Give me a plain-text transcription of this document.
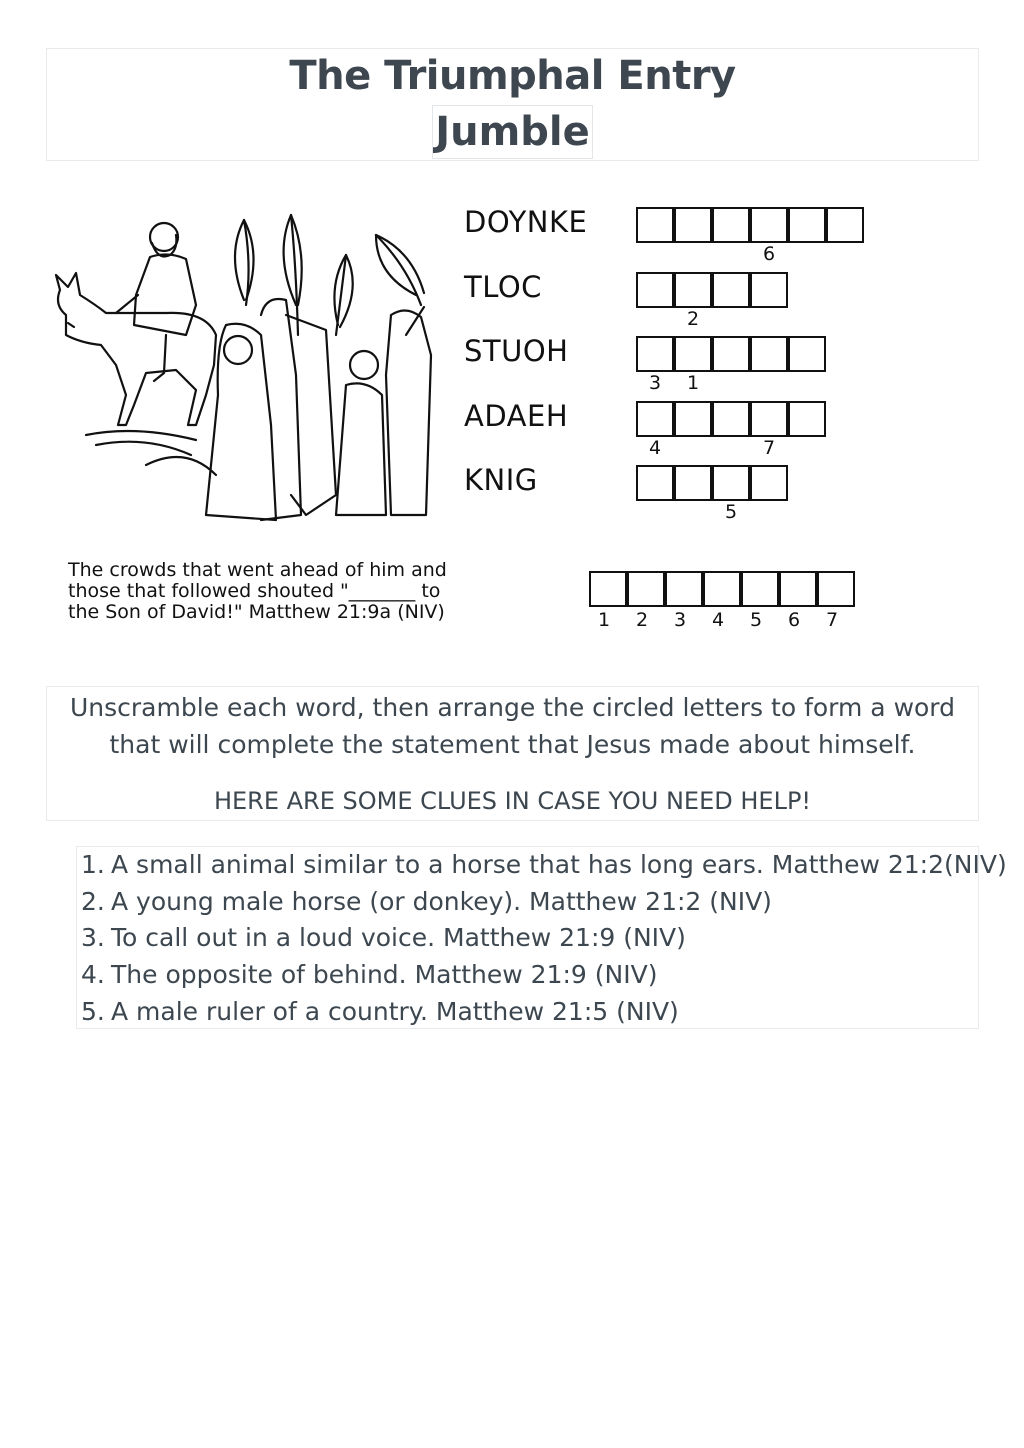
The Triumphal Entry
Jumble
DOYNKE
6
TLOC
2
STUOH
3 1
ADAEH
4	7
KNIG
5
The crowds that went ahead of him and
those that followed shouted "_______ to
the Son of David!" Matthew 21:9a (NIV)	1 2 3 4 5 6 7
Unscramble each word, then arrange the circled letters to form a word that will complete the statement that Jesus made about himself.
HERE ARE SOME CLUES IN CASE YOU NEED HELP!
1. A small animal similar to a horse that has long ears. Matthew 21:2(NIV)
2. A young male horse (or donkey). Matthew 21:2 (NIV)
3. To call out in a loud voice. Matthew 21:9 (NIV)
4. The opposite of behind. Matthew 21:9 (NIV)
5. A male ruler of a country. Matthew 21:5 (NIV)
